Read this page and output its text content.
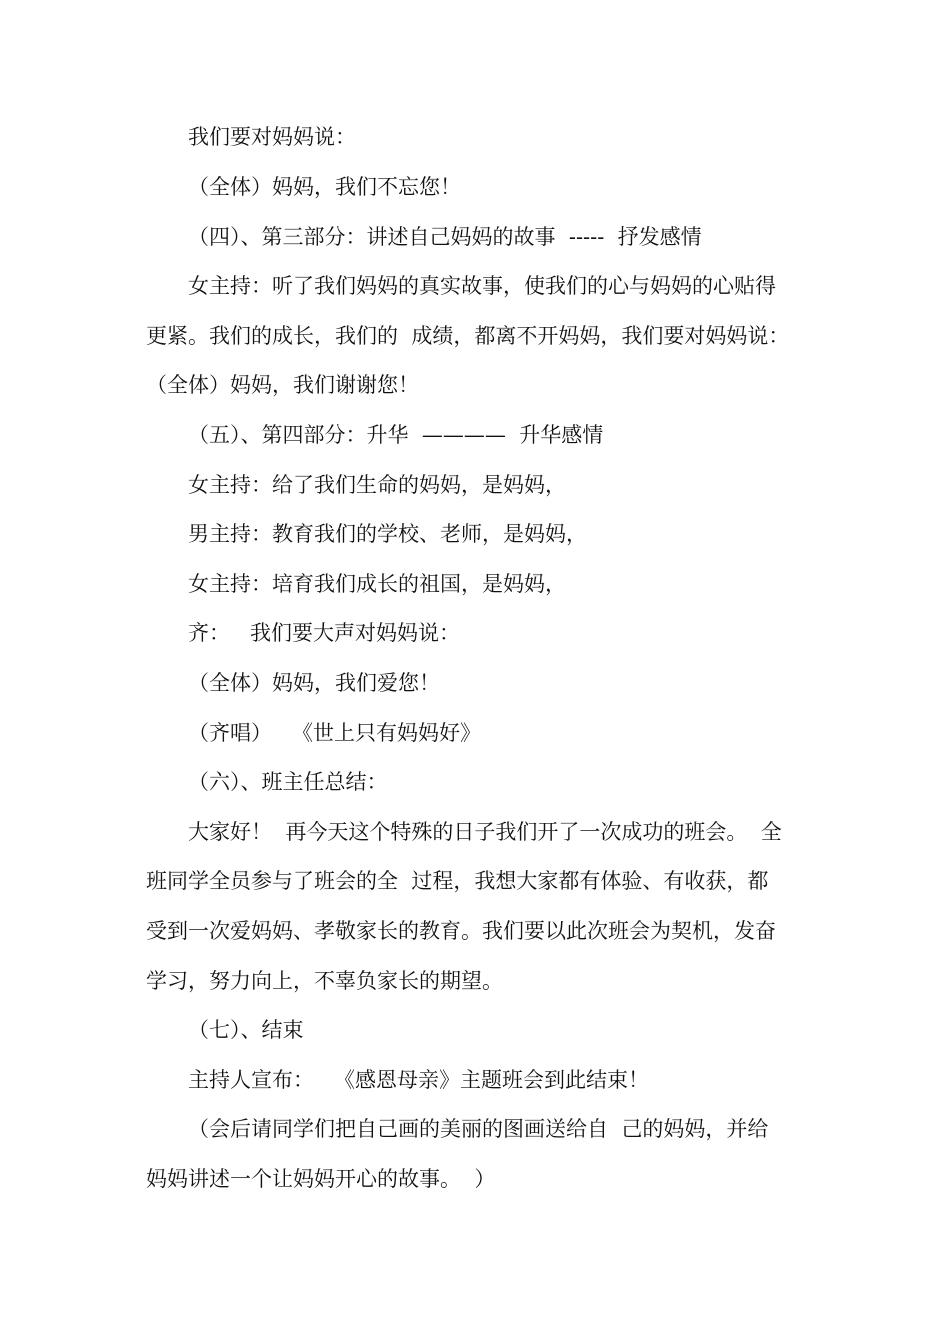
我们要对妈妈说：

（全体）妈妈，我们不忘您！

（四）、第三部分：讲述自己妈妈的故事  -----  抒发感情

女主持：听了我们妈妈的真实故事，使我们的心与妈妈的心贴得

更紧。我们的成长，我们的  成绩，都离不开妈妈，我们要对妈妈说：

（全体）妈妈，我们谢谢您！

（五）、第四部分：升华  ————  升华感情

女主持：给了我们生命的妈妈，是妈妈，

男主持：教育我们的学校、老师，是妈妈，

女主持：培育我们成长的祖国，是妈妈，

齐：   我们要大声对妈妈说：

（全体）妈妈，我们爱您！

（齐唱）   《世上只有妈妈好》

（六）、班主任总结：

大家好！  再今天这个特殊的日子我们开了一次成功的班会。  全

班同学全员参与了班会的全  过程，我想大家都有体验、有收获，都

受到一次爱妈妈、孝敬家长的教育。我们要以此次班会为契机，发奋

学习，努力向上，不辜负家长的期望。

（七）、结束

主持人宣布：   《感恩母亲》主题班会到此结束！

（会后请同学们把自己画的美丽的图画送给自  己的妈妈，并给

妈妈讲述一个让妈妈开心的故事。  ）
